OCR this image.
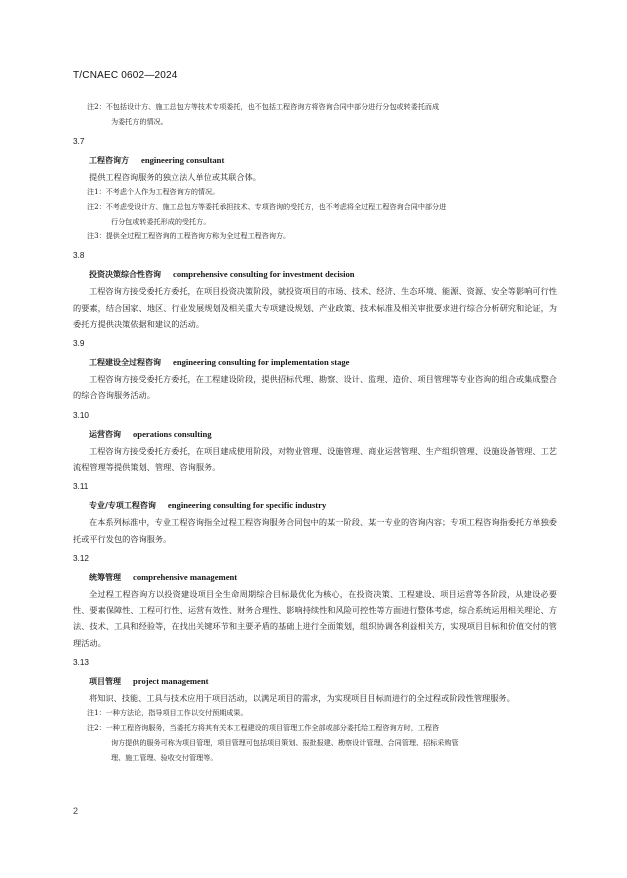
T/CNAEC 0602—2024
注2：不包括设计方、施工总包方等技术专项委托，也不包括工程咨询方将咨询合同中部分进行分包或转委托而成
为委托方的情况。
3.7
工程咨询方 engineering consultant
提供工程咨询服务的独立法人单位或其联合体。
注1：不考虑个人作为工程咨询方的情况。
注2：不考虑受设计方、施工总包方等委托承担技术、专项咨询的受托方，也不考虑将全过程工程咨询合同中部分进
行分包或转委托形成的受托方。
注3：提供全过程工程咨询的工程咨询方称为全过程工程咨询方。
3.8
投资决策综合性咨询 comprehensive consulting for investment decision
工程咨询方接受委托方委托，在项目投资决策阶段，就投资项目的市场、技术、经济、生态环境、能源、资源、安全等影响可行性的要素，结合国家、地区、行业发展规划及相关重大专项建设规划、产业政策、技术标准及相关审批要求进行综合分析研究和论证，为委托方提供决策依据和建议的活动。
3.9
工程建设全过程咨询 engineering consulting for implementation stage
工程咨询方接受委托方委托，在工程建设阶段，提供招标代理、勘察、设计、监理、造价、项目管理等专业咨询的组合或集成整合的综合咨询服务活动。
3.10
运营咨询 operations consulting
工程咨询方接受委托方委托，在项目建成使用阶段，对物业管理、设施管理、商业运营管理、生产组织管理、设施设备管理、工艺流程管理等提供策划、管理、咨询服务。
3.11
专业/专项工程咨询 engineering consulting for specific industry
在本系列标准中，专业工程咨询指全过程工程咨询服务合同包中的某一阶段、某一专业的咨询内容；专项工程咨询指委托方单独委托或平行发包的咨询服务。
3.12
统筹管理 comprehensive management
全过程工程咨询方以投资建设项目全生命周期综合目标最优化为核心，在投资决策、工程建设、项目运营等各阶段，从建设必要性、要素保障性、工程可行性、运营有效性、财务合理性、影响持续性和风险可控性等方面进行整体考虑，综合系统运用相关理论、方法、技术、工具和经验等，在找出关键环节和主要矛盾的基础上进行全面策划，组织协调各利益相关方，实现项目目标和价值交付的管理活动。
3.13
项目管理 project management
将知识、技能、工具与技术应用于项目活动，以满足项目的需求，为实现项目目标而进行的全过程或阶段性管理服务。
注1：一种方法论，指导项目工作以交付预期成果。
注2：一种工程咨询服务，当委托方将其有关本工程建设的项目管理工作全部或部分委托给工程咨询方时，工程咨
询方提供的服务可称为项目管理，项目管理可包括项目策划、报批报建、勘察设计管理、合同管理、招标采购管
理、施工管理、验收交付管理等。
2
